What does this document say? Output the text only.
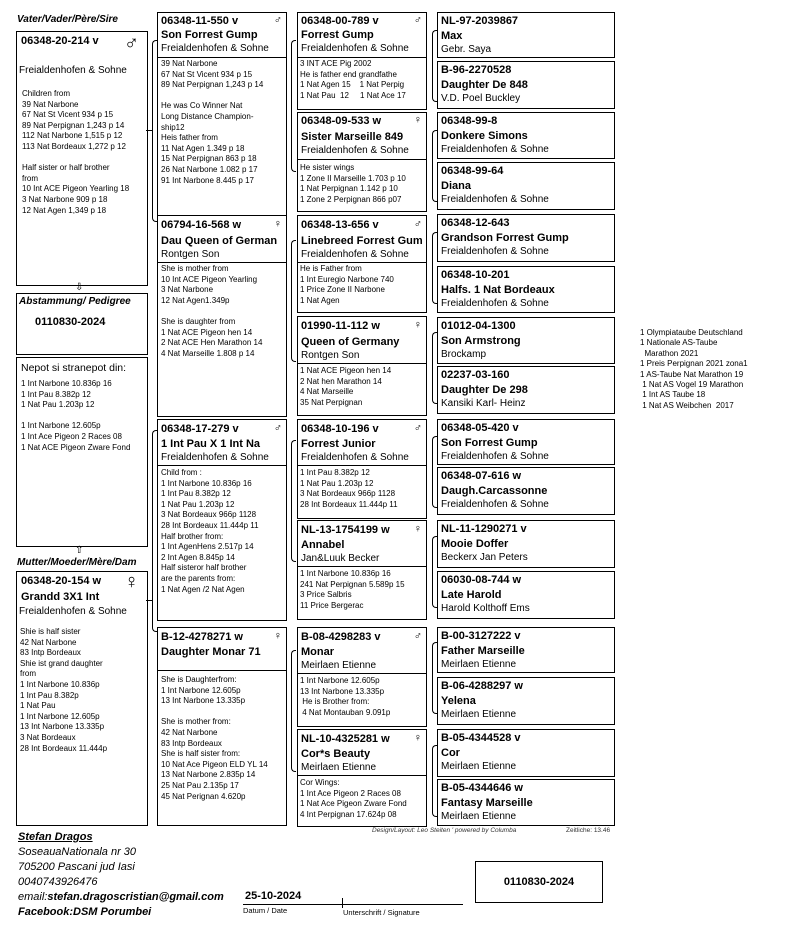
Vater/Vader/Père/Sire
06348-20-214 v ♂
Freialdenhofen & Sohne
Children from
39 Nat Narbone
67 Nat St Vicent 934 p 15
89 Nat Perpignan 1,243 p 14
112 Nat Narbone 1,515 p 12
113 Nat Bordeaux 1,272 p 12

Half sister or half brother
from
10 Int ACE Pigeon Yearling 18
3 Nat Narbone 909 p 18
12 Nat Agen 1,349 p 18
⇩
Abstammung/ Pedigree
0110830-2024
Nepot si stranepot din:
1 Int Narbone 10.836p 16
1 Int Pau 8.382p 12
1 Nat Pau 1.203p 12

1 Int Narbone 12.605p
1 Int Ace Pigeon 2 Races 08
1 Nat ACE Pigeon Zware Fond
⇧
Mutter/Moeder/Mère/Dam
06348-20-154 w ♀
Grandd 3X1 Int
Freialdenhofen & Sohne
Shie is half sister
42 Nat Narbone
83 Intp Bordeaux
Shie ist grand daughter
from
1 Int Narbone 10.836p
1 Int Pau 8.382p
1 Nat Pau
1 Int Narbone 12.605p
13 Int Narbone 13.335p
3 Nat Bordeaux
28 Int Bordeaux 11.444p
06348-11-550 v	♂
Son Forrest Gump
Freialdenhofen & Sohne
39 Nat Narbone
67 Nat St Vicent 934 p 15
89 Nat Perpignan 1,243 p 14

He was Co Winner Nat
Long Distance Champion-
ship12
Heis father from
11 Nat Agen 1.349 p 18
15 Nat Perpignan 863 p 18
26 Nat Narbone 1.082 p 17
91 Int Narbone 8.445 p 17
06794-16-568 w	♀
Dau Queen of German
Rontgen Son
She is mother from
10 Int ACE Pigeon Yearling
3 Nat Narbone
12 Nat Agen1.349p

She is daughter from
1 Nat ACE Pigeon hen 14
2 Nat ACE Hen Marathon 14
4 Nat Marseille 1.808 p 14
06348-17-279 v	♂
1 Int Pau X 1 Int Na
Freialdenhofen & Sohne
Child from :
1 Int Narbone 10.836p 16
1 Int Pau 8.382p 12
1 Nat Pau 1.203p 12
3 Nat Bordeaux 966p 1128
28 Int Bordeaux 11.444p 11
Half brother from:
1 Int AgenHens 2.517p 14
2 Int Agen 8.845p 14
Half sisteror half brother
are the parents from:
1 Nat Agen /2 Nat Agen
B-12-4278271 w	♀
Daughter Monar 71
She is Daughterfrom:
1 Int Narbone 12.605p
13 Int Narbone 13.335p

She is mother from:
42 Nat Narbone
83 Intp Bordeaux
She is half sister from:
10 Nat Ace Pigeon ELD YL 14
13 Nat Narbone 2.835p 14
25 Nat Pau 2.135p 17
45 Nat Perignan 4.620p
06348-00-789 v	♂
Forrest Gump
Freialdenhofen & Sohne
3 INT ACE Pig 2002
He is father end grandfathe
1 Nat Agen 15    1 Nat Perpig
1 Nat Pau  12     1 Nat Ace 17
06348-09-533 w	♀
Sister Marseille 849
Freialdenhofen & Sohne
He sister wings
1 Zone II Marseille 1.703 p 10
1 Nat Perpignan 1.142 p 10
1 Zone 2 Perpignan 866 p07
06348-13-656 v	♂
Linebreed Forrest Gum
Freialdenhofen & Sohne
He is Father from
1 Int Euregio Narbone 740
1 Price Zone II Narbone
1 Nat Agen
01990-11-112 w	♀
Queen of Germany
Rontgen Son
1 Nat ACE Pigeon hen 14
2 Nat hen Marathon 14
4 Nat Marseille
35 Nat Perpignan
06348-10-196 v	♂
Forrest Junior
Freialdenhofen & Sohne
1 Int Pau 8.382p 12
1 Nat Pau 1.203p 12
3 Nat Bordeaux 966p 1128
28 Int Bordeaux 11.444p 11
NL-13-1754199 w ♀
Annabel
Jan&Luuk Becker
1 Int Narbone 10.836p 16
241 Nat Perpignan 5.589p 15
3 Price Salbris
11 Price Bergerac
B-08-4298283 v	♂
Monar
Meirlaen Etienne
1 Int Narbone 12.605p
13 Int Narbone 13.335p
He is Brother from:
4 Nat Montauban 9.091p
NL-10-4325281 w ♀
Cor*s Beauty
Meirlaen Etienne
Cor Wings:
1 Int Ace Pigeon 2 Races 08
1 Nat Ace Pigeon Zware Fond
4 Int Perpignan 17.624p 08
NL-97-2039867
Max
Gebr. Saya
B-96-2270528
Daughter De 848
V.D. Poel Buckley
06348-99-8
Donkere Simons
Freialdenhofen & Sohne
06348-99-64
Diana
Freialdenhofen & Sohne
06348-12-643
Grandson Forrest Gump
Freialdenhofen & Sohne
06348-10-201
Halfs. 1 Nat Bordeaux
Freialdenhofen & Sohne
01012-04-1300
Son Armstrong
Brockamp
02237-03-160
Daughter De 298
Kansiki Karl- Heinz
06348-05-420 v
Son Forrest Gump
Freialdenhofen & Sohne
06348-07-616 w
Daugh.Carcassonne
Freialdenhofen & Sohne
NL-11-1290271 v
Mooie Doffer
Beckerx Jan Peters
06030-08-744 w
Late Harold
Harold Kolthoff Ems
B-00-3127222 v
Father Marseille
Meirlaen Etienne
B-06-4288297 w
Yelena
Meirlaen Etienne
B-05-4344528 v
Cor
Meirlaen Etienne
B-05-4344646 w
Fantasy Marseille
Meirlaen Etienne
1 Olympiataube Deutschland
1 Nationale AS-Taube
Marathon 2021
1 Preis Perpignan 2021 zona1
1 AS-Taube Nat Marathon 19
1 Nat AS Vogel 19 Marathon
1 Int AS Taube 18
1 Nat AS Weibchen  2017
Design/Layout: Leo Steiten ' powered by Columba	Zeitliche: 13.46
Stefan Dragos
SoseauaNationala nr 30
705200 Pascani jud Iasi
0040743926476
email:stefan.dragoscristian@gmail.com
Facebook:DSM Porumbei
25-10-2024
Datum / Date	Unterschrift / Signature
0110830-2024
